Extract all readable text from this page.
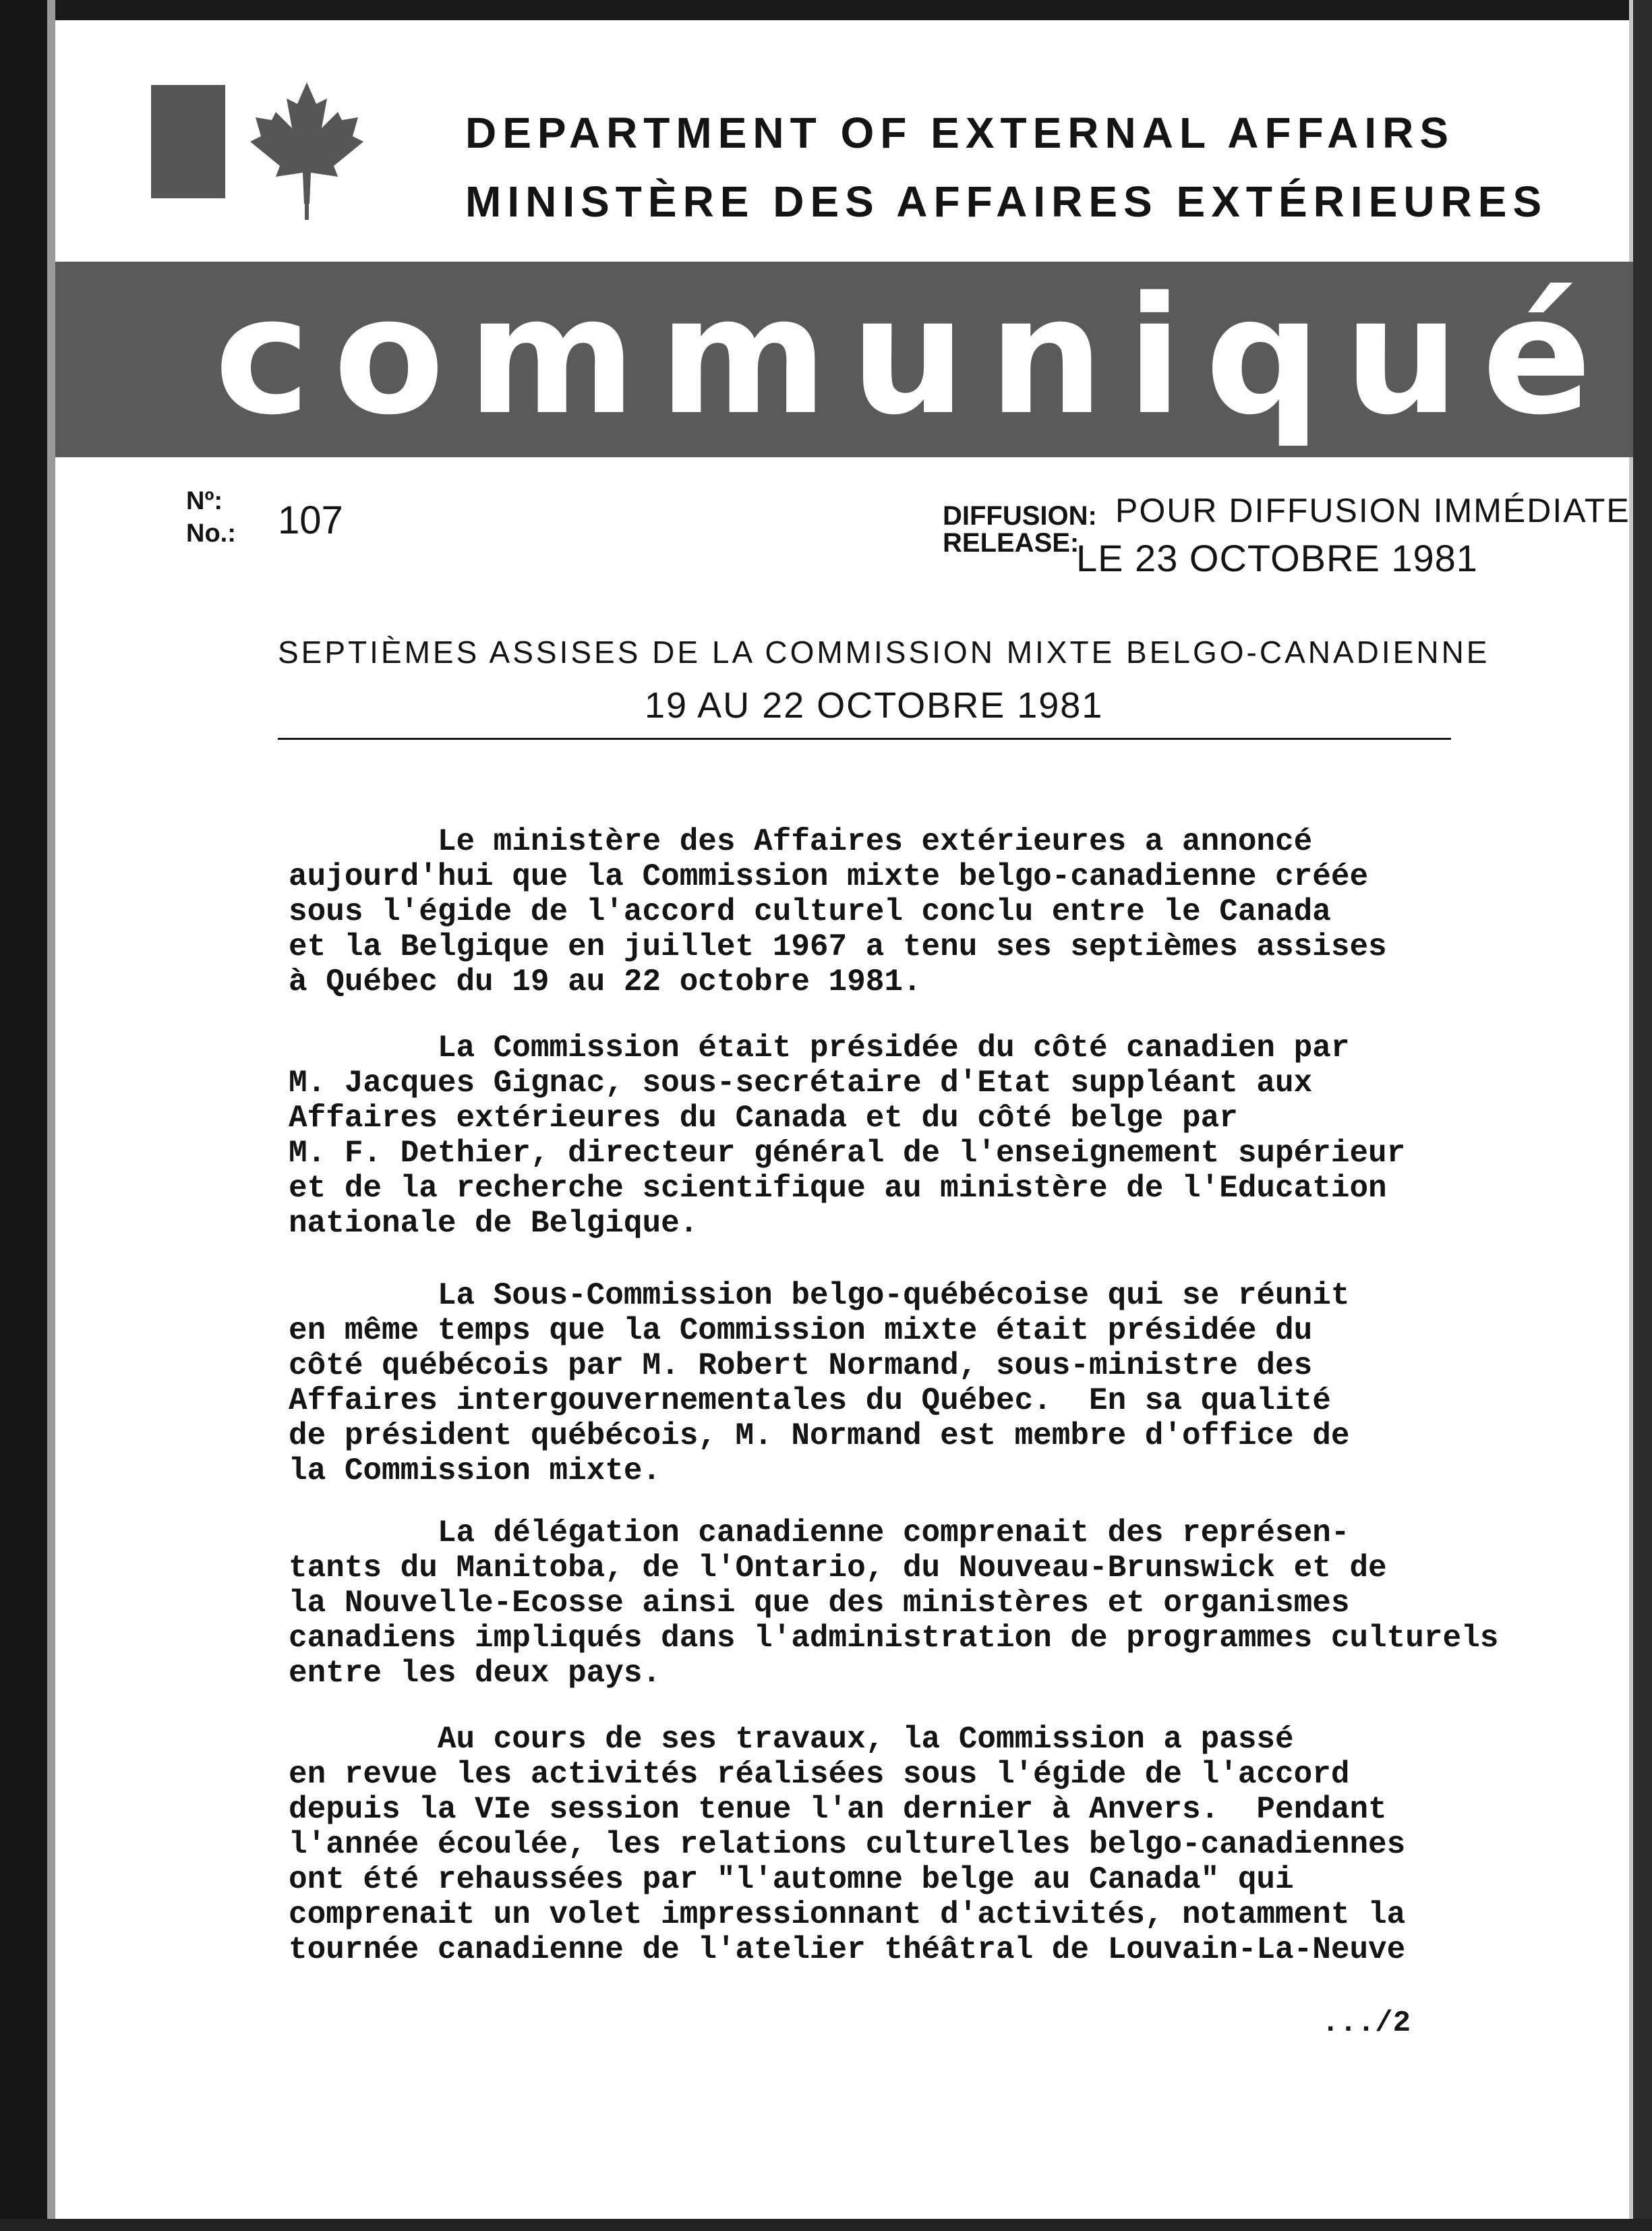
DEPARTMENT OF EXTERNAL AFFAIRS
MINISTÈRE DES AFFAIRES EXTÉRIEURES
communiqué
Nº:
No.: 107	DIFFUSION:
RELEASE:
POUR DIFFUSION IMMÉDIATE
LE 23 OCTOBRE 1981
SEPTIÈMES ASSISES DE LA COMMISSION MIXTE BELGO-CANADIENNE
19 AU 22 OCTOBRE 1981
Le ministère des Affaires extérieures a annoncé
aujourd'hui que la Commission mixte belgo-canadienne créée
sous l'égide de l'accord culturel conclu entre le Canada
et la Belgique en juillet 1967 a tenu ses septièmes assises
à Québec du 19 au 22 octobre 1981.
La Commission était présidée du côté canadien par
M. Jacques Gignac, sous-secrétaire d'Etat suppléant aux
Affaires extérieures du Canada et du côté belge par
M. F. Dethier, directeur général de l'enseignement supérieur
et de la recherche scientifique au ministère de l'Education
nationale de Belgique.
La Sous-Commission belgo-québécoise qui se réunit
en même temps que la Commission mixte était présidée du
côté québécois par M. Robert Normand, sous-ministre des
Affaires intergouvernementales du Québec.  En sa qualité
de président québécois, M. Normand est membre d'office de
la Commission mixte.
La délégation canadienne comprenait des représen-
tants du Manitoba, de l'Ontario, du Nouveau-Brunswick et de
la Nouvelle-Ecosse ainsi que des ministères et organismes
canadiens impliqués dans l'administration de programmes culturels
entre les deux pays.
Au cours de ses travaux, la Commission a passé
en revue les activités réalisées sous l'égide de l'accord
depuis la VIe session tenue l'an dernier à Anvers.  Pendant
l'année écoulée, les relations culturelles belgo-canadiennes
ont été rehaussées par "l'automne belge au Canada" qui
comprenait un volet impressionnant d'activités, notamment la
tournée canadienne de l'atelier théâtral de Louvain-La-Neuve
.../2
